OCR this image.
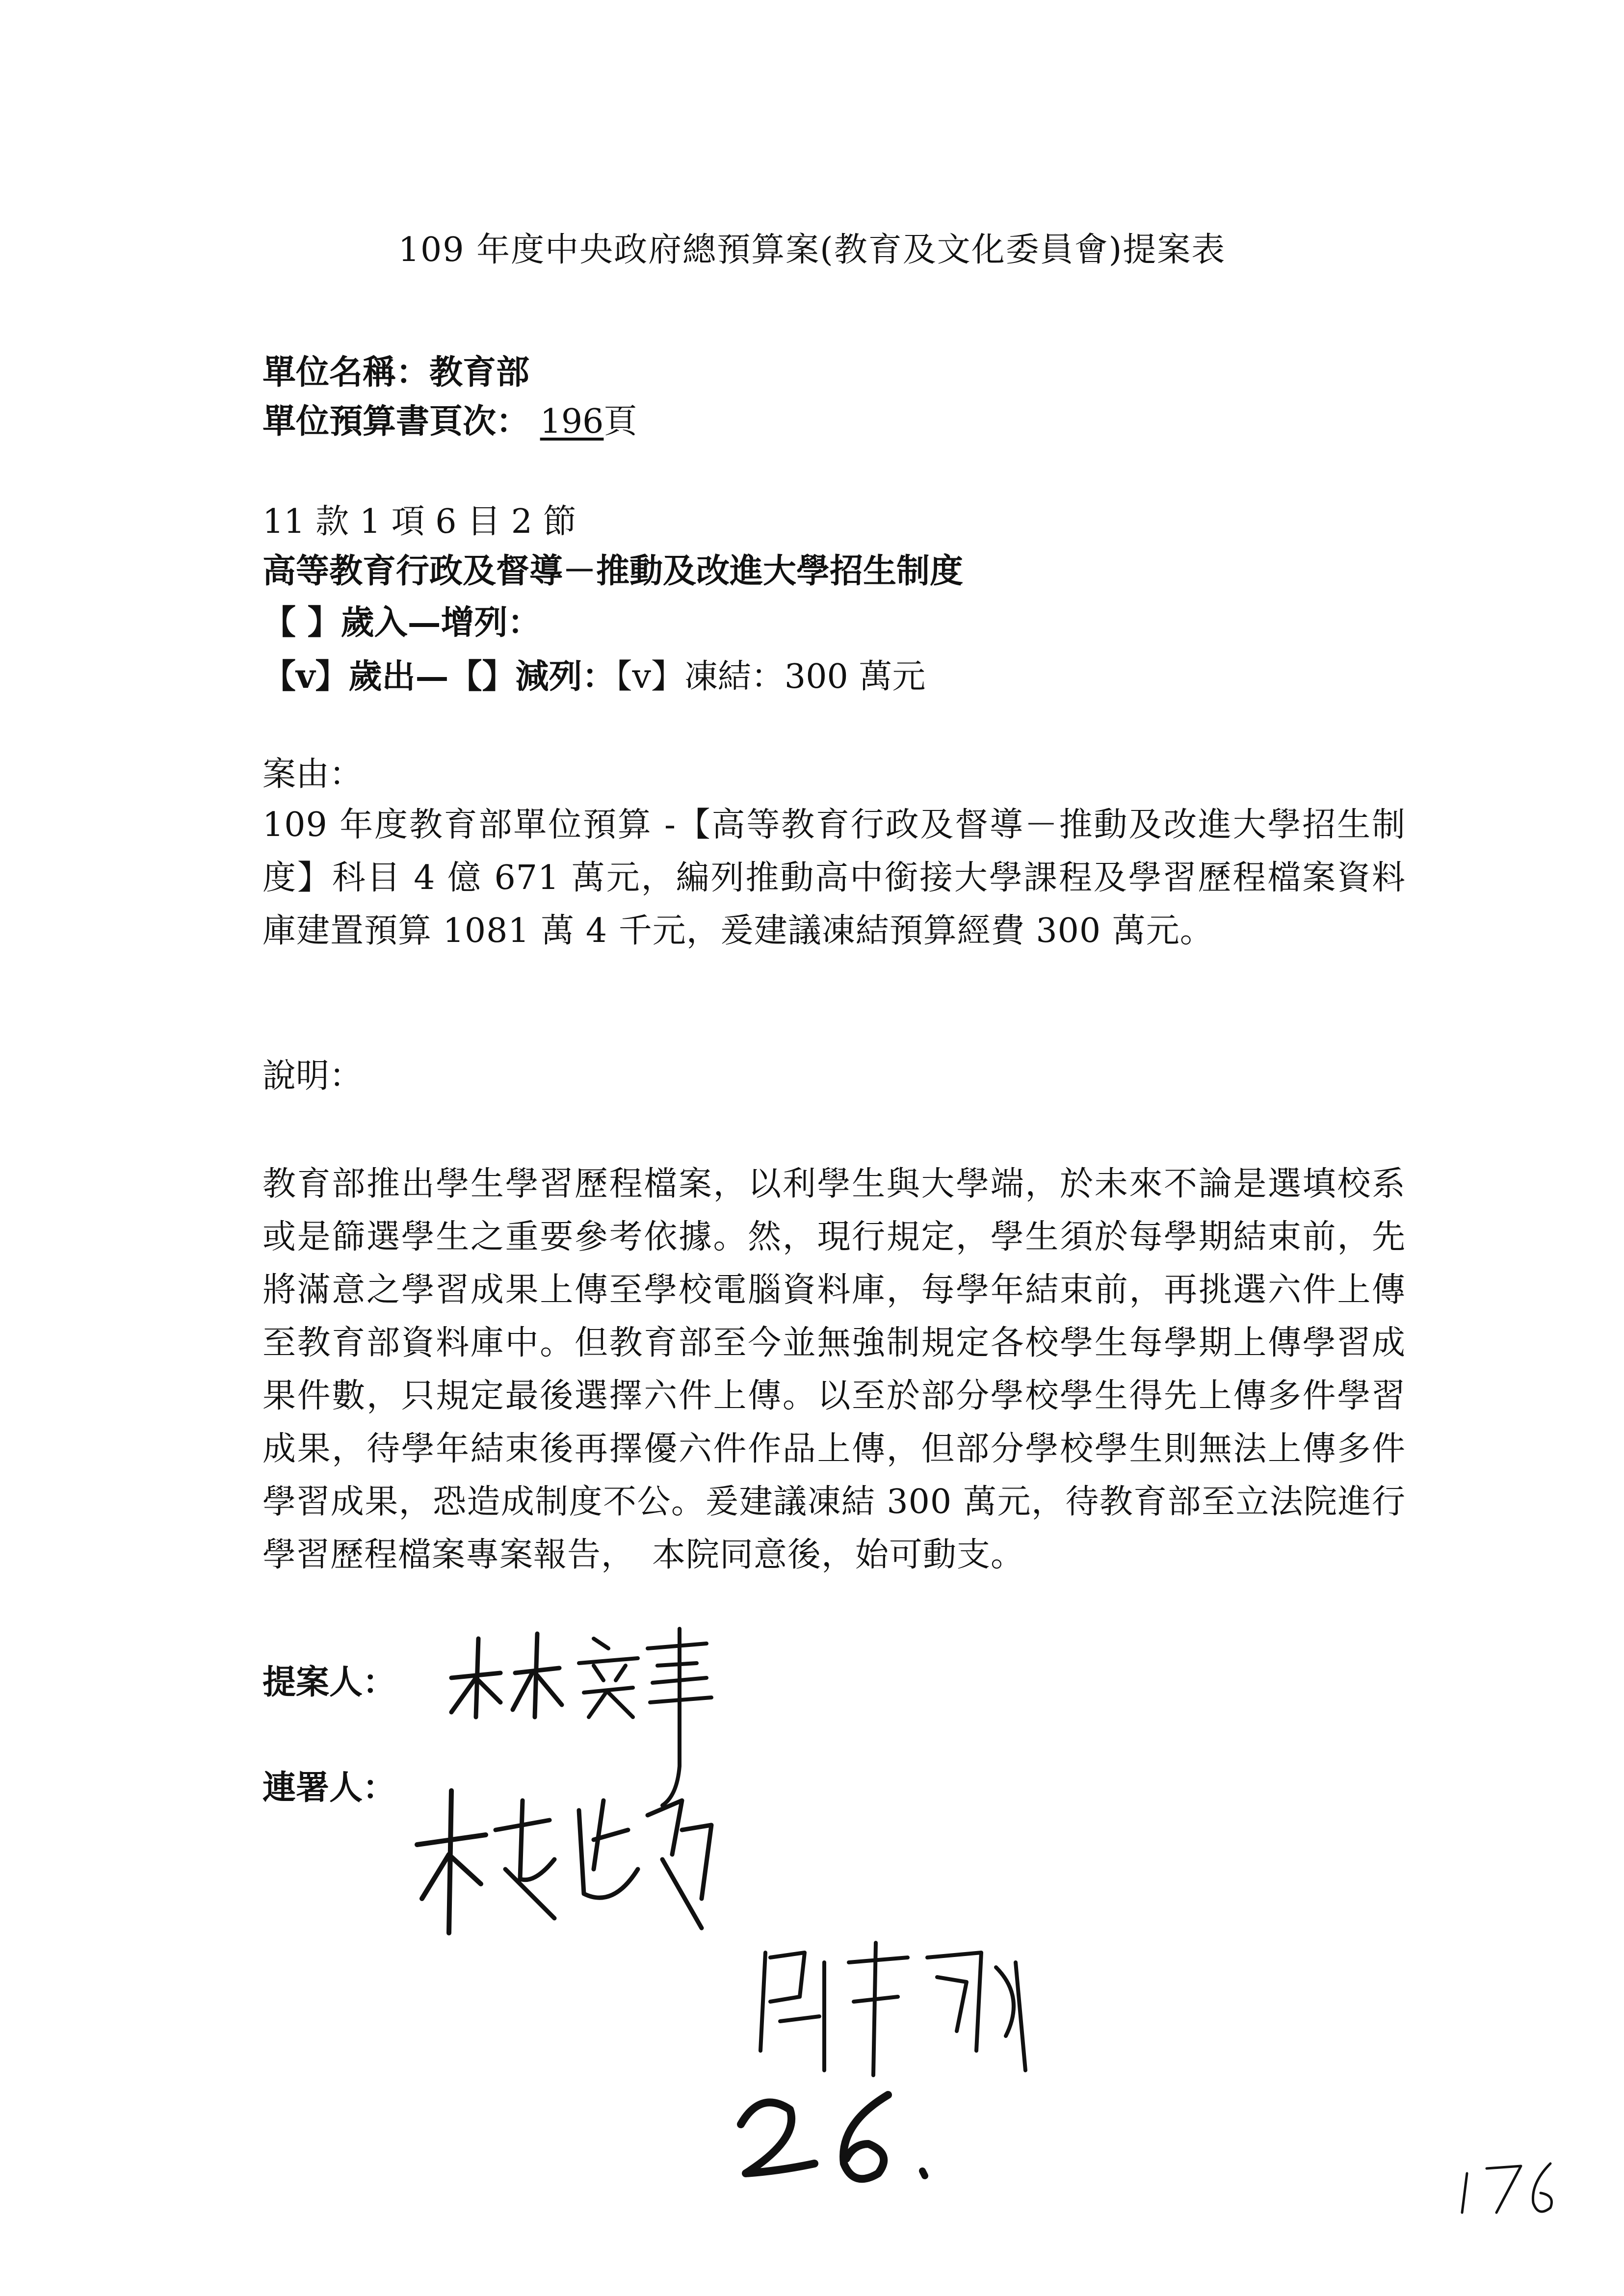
109 年度中央政府總預算案(教育及文化委員會)提案表
單位名稱：教育部
單位預算書頁次： 196頁
11 款 1 項 6 目 2 節
高等教育行政及督導－推動及改進大學招生制度
【 】歲入—增列：
【v】歲出—【】減列：【v】凍結：300 萬元
案由：
109 年度教育部單位預算 -【高等教育行政及督導－推動及改進大學招生制度】科目 4 億 671 萬元，編列推動高中銜接大學課程及學習歷程檔案資料庫建置預算 1081 萬 4 千元，爰建議凍結預算經費 300 萬元。
說明：
教育部推出學生學習歷程檔案，以利學生與大學端，於未來不論是選填校系或是篩選學生之重要參考依據。然，現行規定，學生須於每學期結束前，先將滿意之學習成果上傳至學校電腦資料庫，每學年結束前，再挑選六件上傳至教育部資料庫中。但教育部至今並無強制規定各校學生每學期上傳學習成果件數，只規定最後選擇六件上傳。以至於部分學校學生得先上傳多件學習成果，待學年結束後再擇優六件作品上傳，但部分學校學生則無法上傳多件學習成果，恐造成制度不公。爰建議凍結 300 萬元，待教育部至立法院進行學習歷程檔案專案報告，　本院同意後，始可動支。
提案人：
連署人：
